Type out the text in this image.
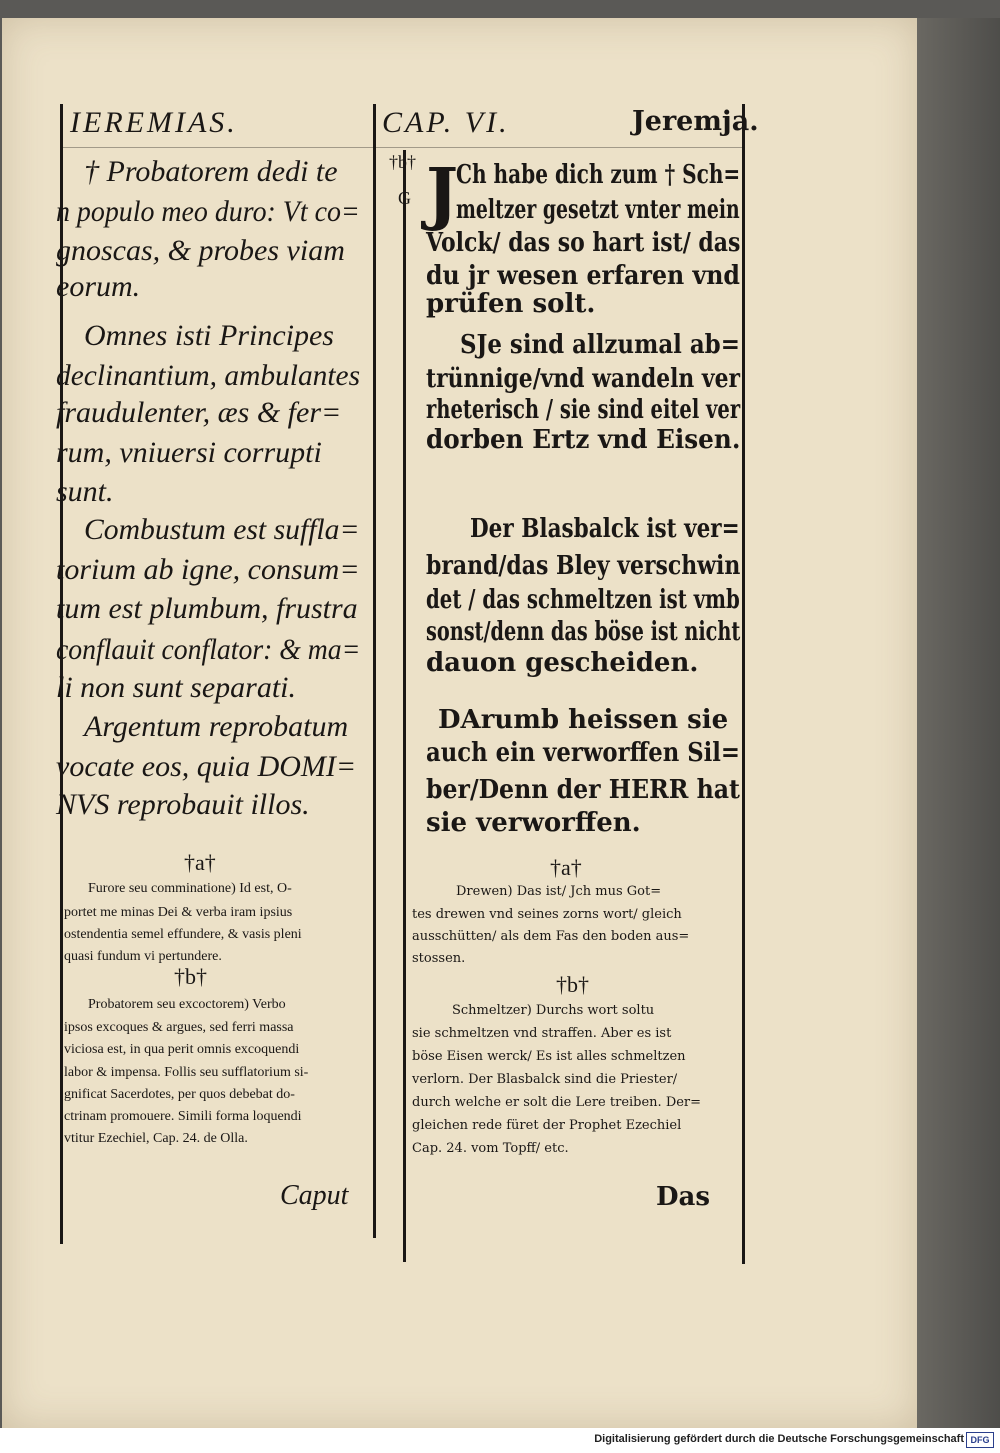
IEREMIAS.	CAP. VI.	Jeremja.
†b†
G
† Probatorem dedi te
n populo meo duro: Vt co=
gnoscas, & probes viam
eorum.
Omnes isti Principes
declinantium, ambulantes
fraudulenter, æs & fer=
rum, vniuersi corrupti
sunt.
Combustum est suffla=
torium ab igne, consum=
tum est plumbum, frustra
conflauit conflator: & ma=
li non sunt separati.
Argentum reprobatum
vocate eos, quia DOMI=
NVS reprobauit illos.
J
Ch habe dich zum † Sch=
meltzer gesetzt vnter mein
Volck/ das so hart ist/ das
du jr wesen erfaren vnd
prüfen solt.
SJe sind allzumal ab=
trünnige/vnd wandeln ver
rheterisch / sie sind eitel ver
dorben Ertz vnd Eisen.
Der Blasbalck ist ver=
brand/das Bley verschwin
det / das schmeltzen ist vmb
sonst/denn das böse ist nicht
dauon gescheiden.
DArumb heissen sie
auch ein verworffen Sil=
ber/Denn der HERR hat
sie verworffen.
†a†
Furore seu comminatione) Id est, O-
portet me minas Dei & verba iram ipsius
ostendentia semel effundere, & vasis pleni
quasi fundum vi pertundere.
†b†
Probatorem seu excoctorem) Verbo
ipsos excoques & argues, sed ferri massa
viciosa est, in qua perit omnis excoquendi
labor & impensa. Follis seu sufflatorium si-
gnificat Sacerdotes, per quos debebat do-
ctrinam promouere. Simili forma loquendi
vtitur Ezechiel, Cap. 24. de Olla.
†a†
Drewen) Das ist/ Jch mus Got=
tes drewen vnd seines zorns wort/ gleich
ausschütten/ als dem Fas den boden aus=
stossen.
†b†
Schmeltzer) Durchs wort soltu
sie schmeltzen vnd straffen. Aber es ist
böse Eisen werck/ Es ist alles schmeltzen
verlorn. Der Blasbalck sind die Priester/
durch welche er solt die Lere treiben. Der=
gleichen rede füret der Prophet Ezechiel
Cap. 24. vom Topff/ etc.
Caput	Das
Digitalisierung gefördert durch die Deutsche Forschungsgemeinschaft DFG
